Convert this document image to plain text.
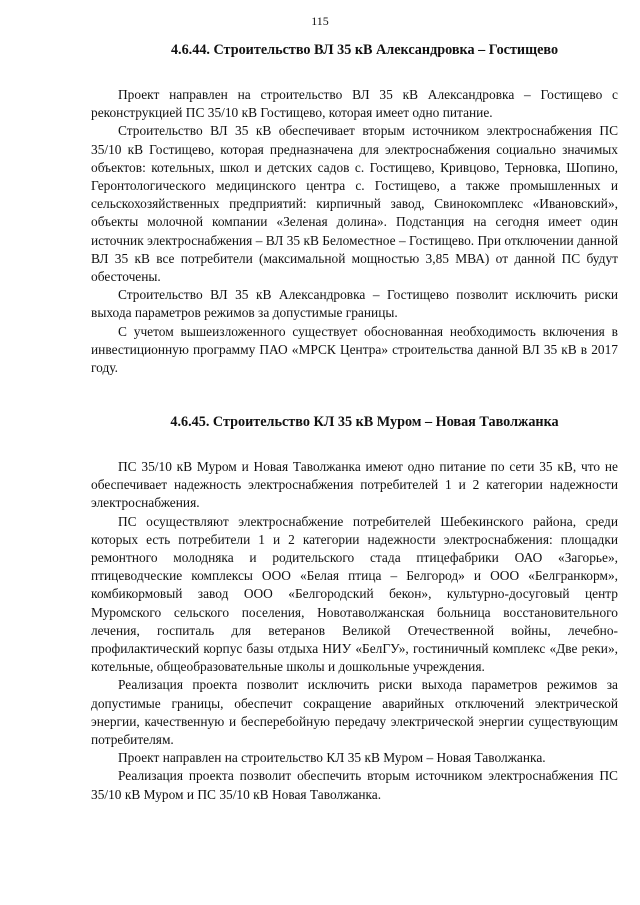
115
4.6.44. Строительство ВЛ 35 кВ Александровка – Гостищево

Проект направлен на строительство ВЛ 35 кВ Александровка – Гостищево с реконструкцией ПС 35/10 кВ Гостищево, которая имеет одно питание.

Строительство ВЛ 35 кВ обеспечивает вторым источником электроснабжения ПС 35/10 кВ Гостищево, которая предназначена для электроснабжения социально значимых объектов: котельных, школ и детских садов с. Гостищево, Кривцово, Терновка, Шопино, Геронтологического медицинского центра с. Гостищево, а также промышленных и сельскохозяйственных предприятий: кирпичный завод, Свинокомплекс «Ивановский», объекты молочной компании «Зеленая долина». Подстанция на сегодня имеет один источник электроснабжения – ВЛ 35 кВ Беломестное – Гостищево. При отключении данной ВЛ 35 кВ все потребители (максимальной мощностью 3,85 МВА) от данной ПС будут обесточены.

Строительство ВЛ 35 кВ Александровка – Гостищево позволит исключить риски выхода параметров режимов за допустимые границы.

С учетом вышеизложенного существует обоснованная необходимость включения в инвестиционную программу ПАО «МРСК Центра» строительства данной ВЛ 35 кВ в 2017 году.

4.6.45. Строительство КЛ 35 кВ Муром – Новая Таволжанка

ПС 35/10 кВ Муром и Новая Таволжанка имеют одно питание по сети 35 кВ, что не обеспечивает надежность электроснабжения потребителей 1 и 2 категории надежности электроснабжения.

ПС осуществляют электроснабжение потребителей Шебекинского района, среди которых есть потребители 1 и 2 категории надежности электроснабжения: площадки ремонтного молодняка и родительского стада птицефабрики ОАО «Загорье», птицеводческие комплексы ООО «Белая птица – Белгород» и ООО «Белгранкорм», комбикормовый завод ООО «Белгородский бекон», культурно-досуговый центр Муромского сельского поселения, Новотаволжанская больница восстановительного лечения, госпиталь для ветеранов Великой Отечественной войны, лечебно-профилактический корпус базы отдыха НИУ «БелГУ», гостиничный комплекс «Две реки», котельные, общеобразовательные школы и дошкольные учреждения.

Реализация проекта позволит исключить риски выхода параметров режимов за допустимые границы, обеспечит сокращение аварийных отключений электрической энергии, качественную и бесперебойную передачу электрической энергии существующим потребителям.

Проект направлен на строительство КЛ 35 кВ Муром – Новая Таволжанка.

Реализация проекта позволит обеспечить вторым источником электроснабжения ПС 35/10 кВ Муром и ПС 35/10 кВ Новая Таволжанка.
